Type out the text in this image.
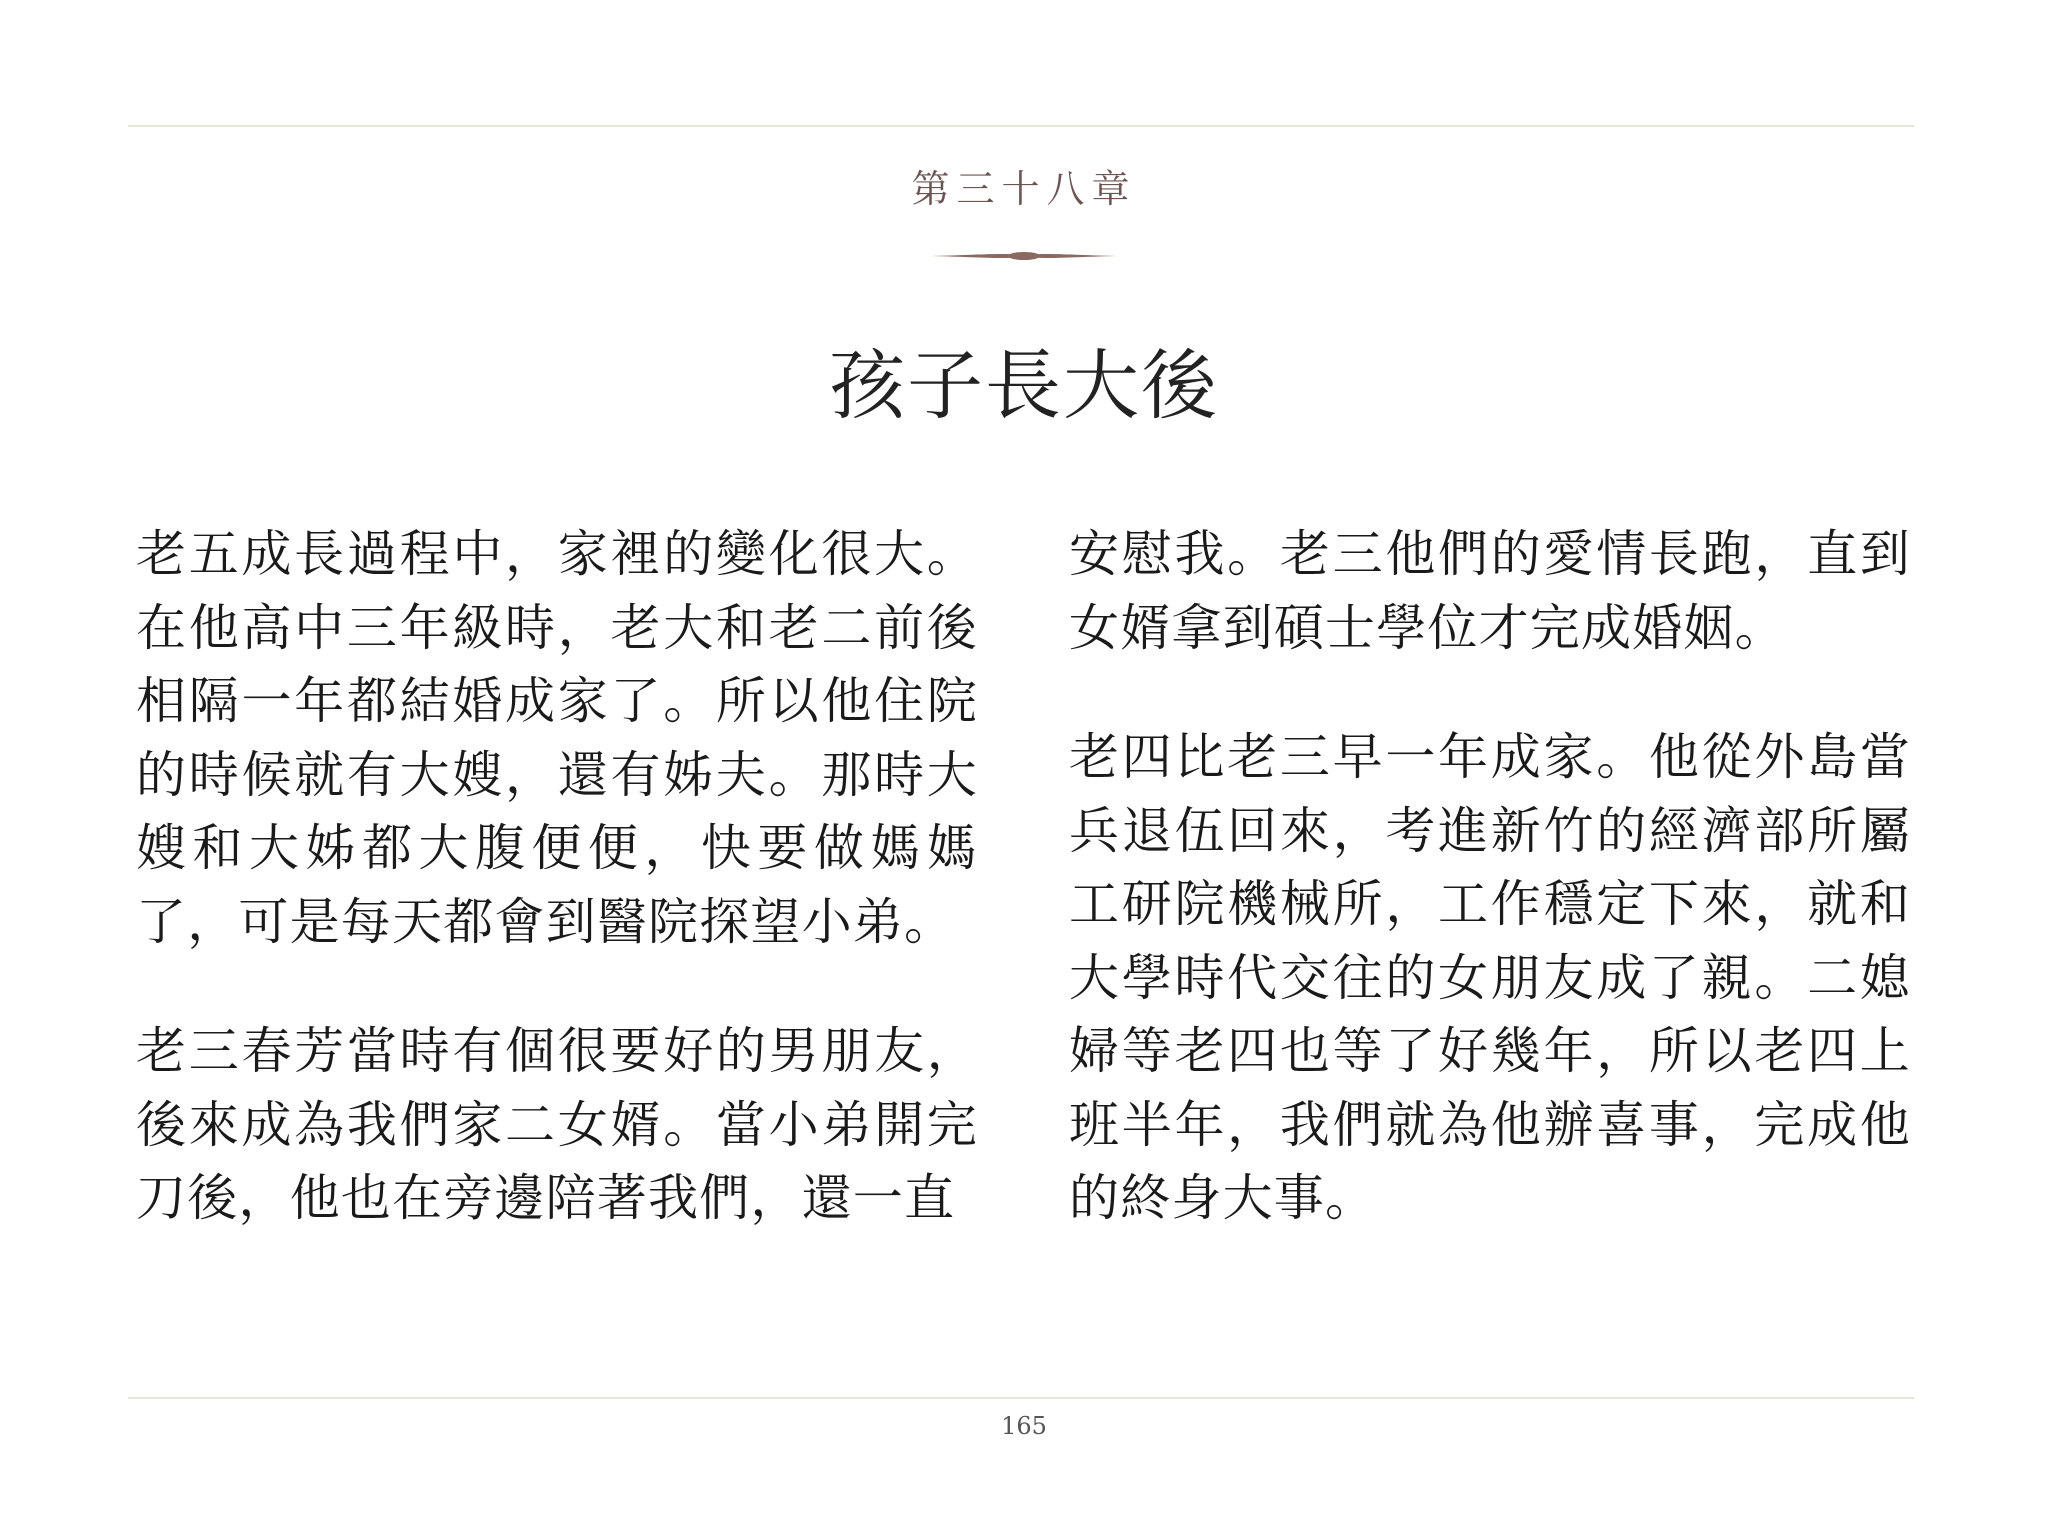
第三十八章
孩子長大後

老五成長過程中，家裡的變化很大。在他高中三年級時，老大和老二前後相隔一年都結婚成家了。所以他住院的時候就有大嫂，還有姊夫。那時大嫂和大姊都大腹便便，快要做媽媽了，可是每天都會到醫院探望小弟。

老三春芳當時有個很要好的男朋友，後來成為我們家二女婿。當小弟開完刀後，他也在旁邊陪著我們，還一直

安慰我。老三他們的愛情長跑，直到女婿拿到碩士學位才完成婚姻。

老四比老三早一年成家。他從外島當兵退伍回來，考進新竹的經濟部所屬工研院機械所，工作穩定下來，就和大學時代交往的女朋友成了親。二媳婦等老四也等了好幾年，所以老四上班半年，我們就為他辦喜事，完成他的終身大事。

165
